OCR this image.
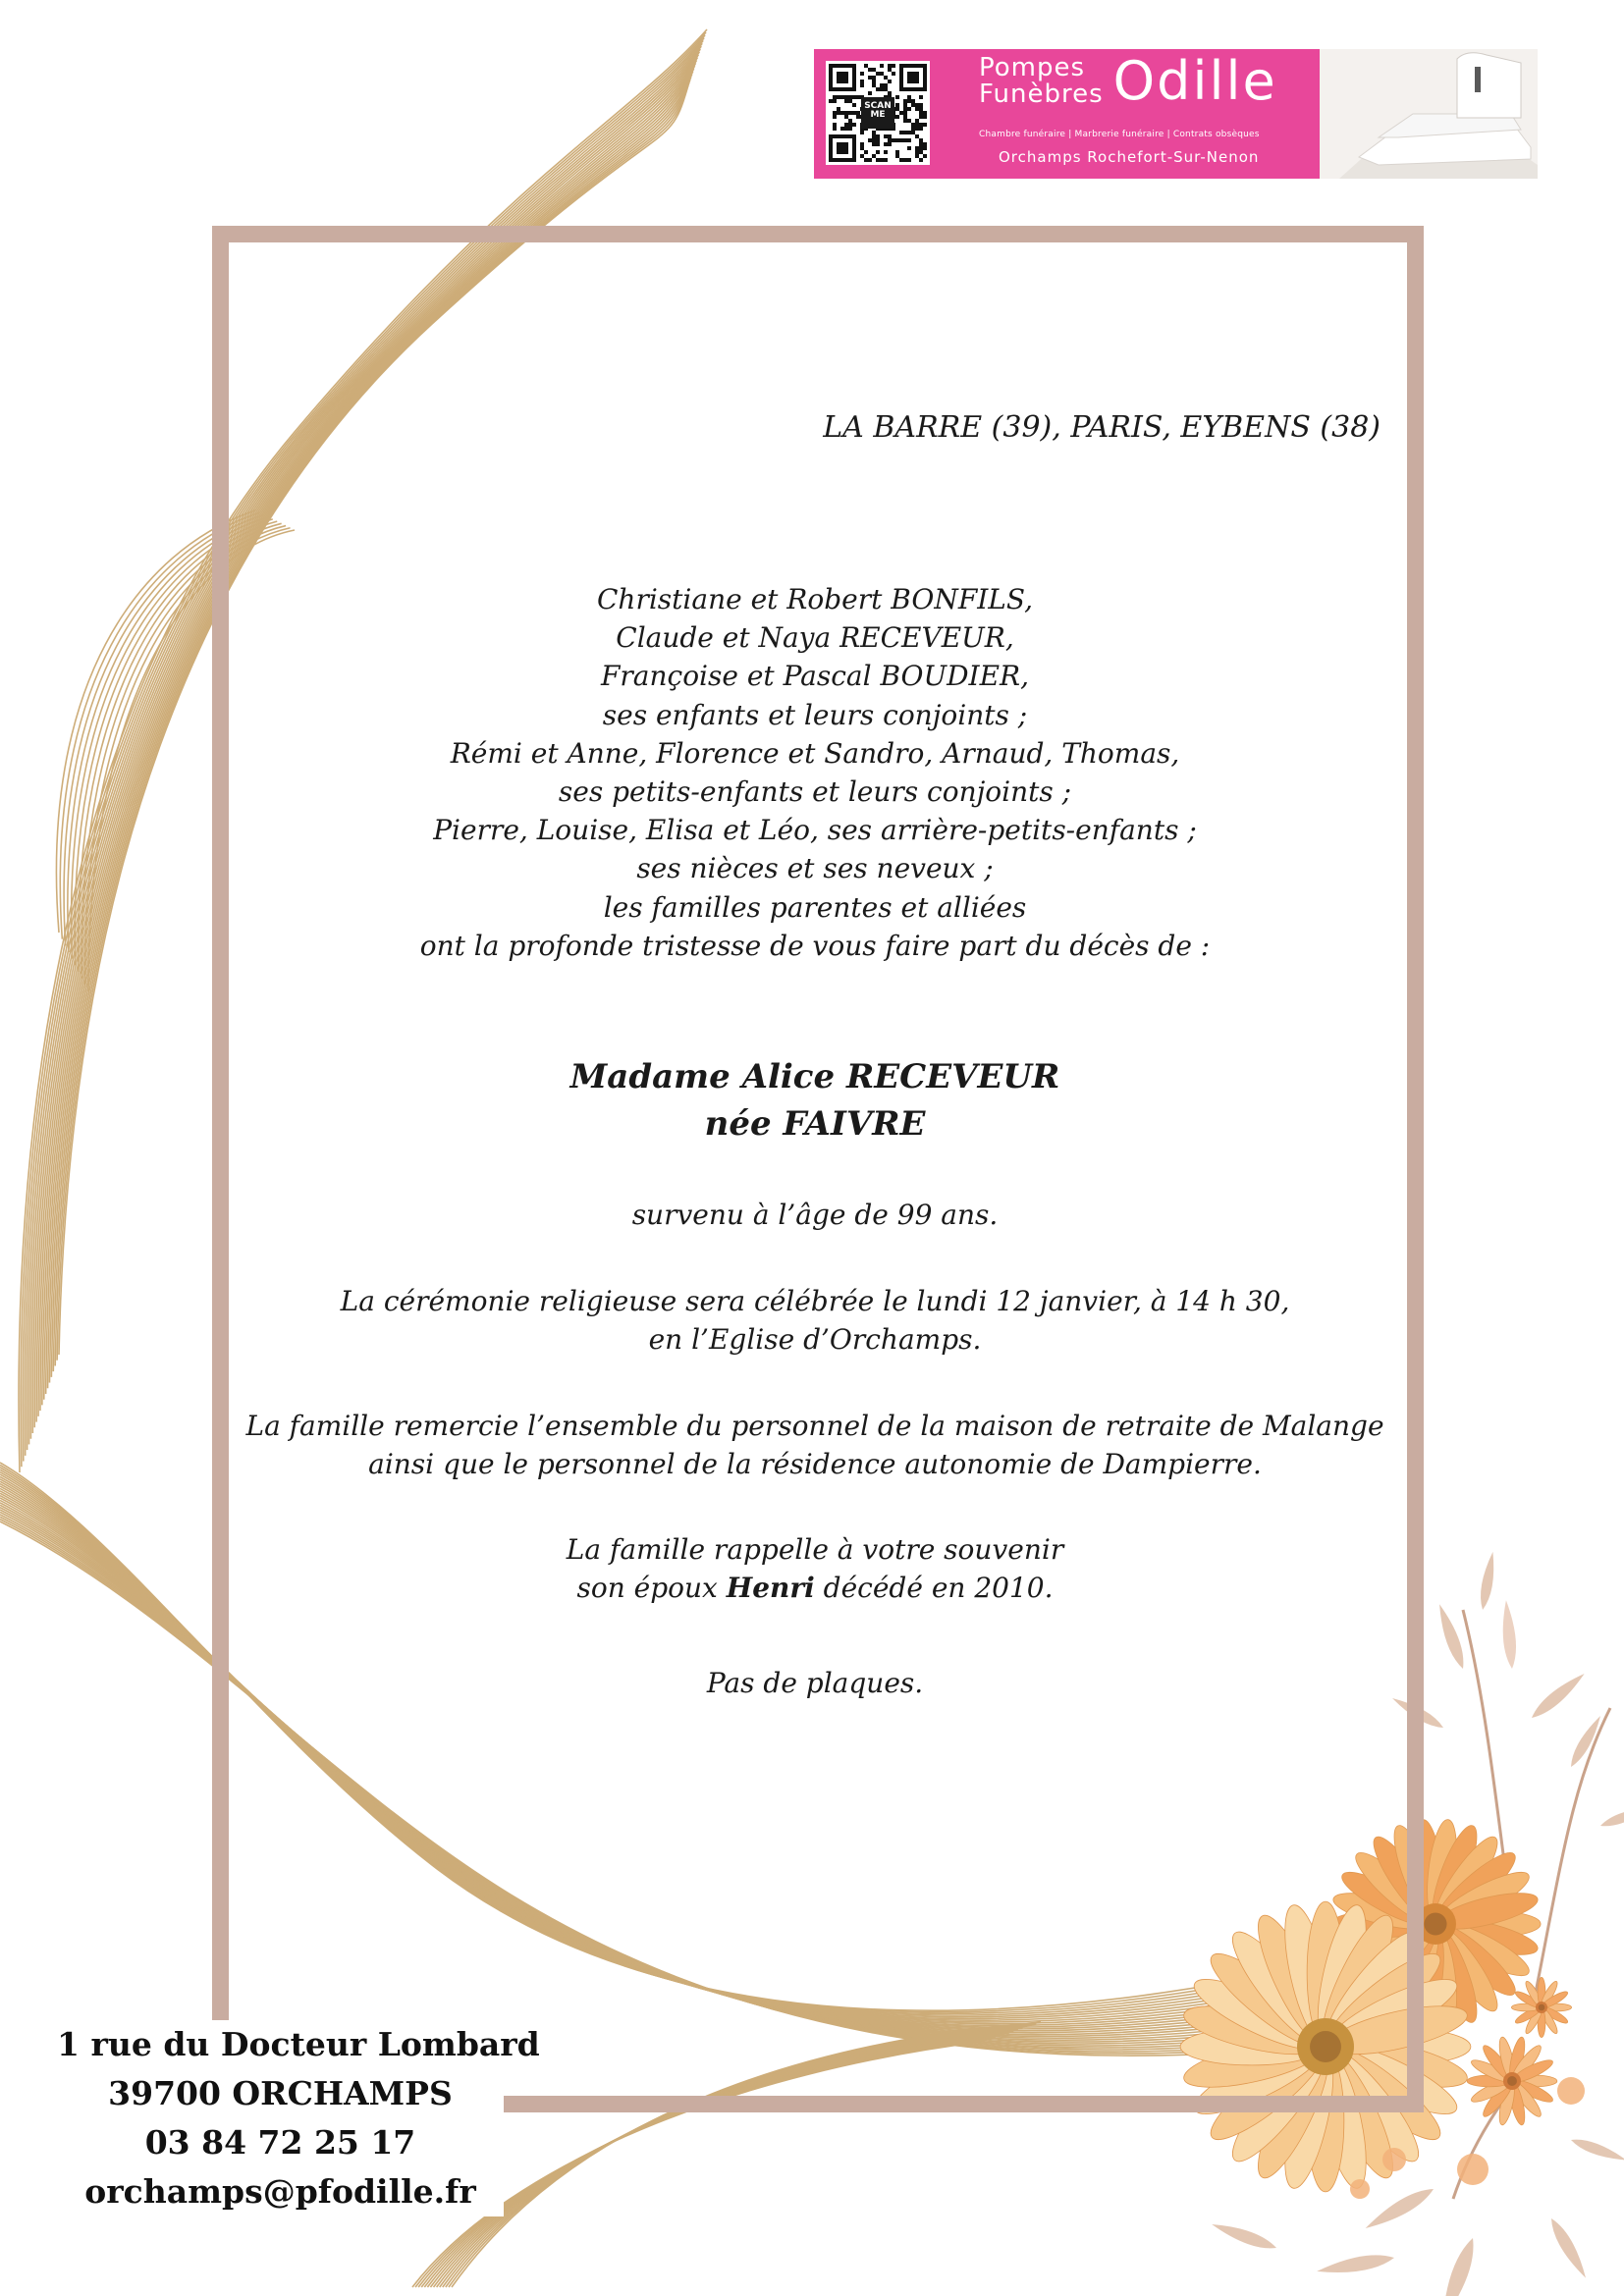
SCAN
ME
Pompes
Funèbres Odille
Chambre funéraire | Marbrerie funéraire | Contrats obsèques
Orchamps Rochefort-Sur-Nenon
LA BARRE (39), PARIS, EYBENS (38)
Christiane et Robert BONFILS,
Claude et Naya RECEVEUR,
Françoise et Pascal BOUDIER,
ses enfants et leurs conjoints ;
Rémi et Anne, Florence et Sandro, Arnaud, Thomas,
ses petits-enfants et leurs conjoints ;
Pierre, Louise, Elisa et Léo, ses arrière-petits-enfants ;
ses nièces et ses neveux ;
les familles parentes et alliées
ont la profonde tristesse de vous faire part du décès de :
Madame Alice RECEVEUR
née FAIVRE
survenu à l’âge de 99 ans.
La cérémonie religieuse sera célébrée le lundi 12 janvier, à 14 h 30,
en l’Eglise d’Orchamps.
La famille remercie l’ensemble du personnel de la maison de retraite de Malange
ainsi que le personnel de la résidence autonomie de Dampierre.
La famille rappelle à votre souvenir
son époux Henri décédé en 2010.
Pas de plaques.
1 rue du Docteur Lombard
39700 ORCHAMPS
03 84 72 25 17
orchamps@pfodille.fr
